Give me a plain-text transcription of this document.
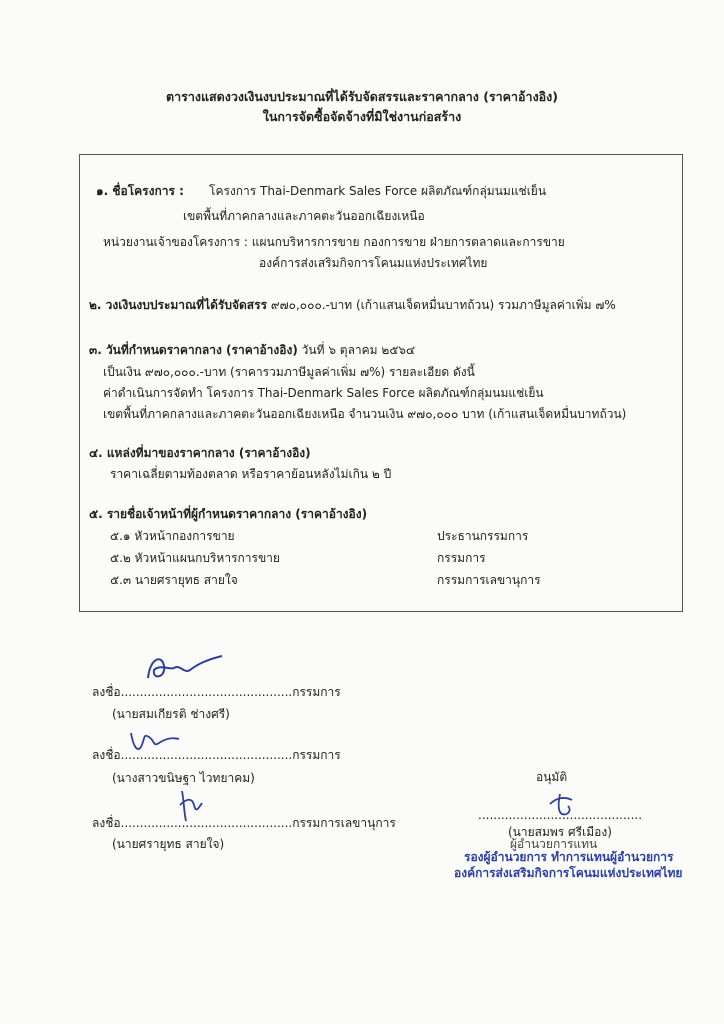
ตารางแสดงวงเงินงบประมาณที่ได้รับจัดสรรและราคากลาง (ราคาอ้างอิง)
ในการจัดซื้อจัดจ้างที่มิใช่งานก่อสร้าง
๑. ชื่อโครงการ : โครงการ Thai-Denmark Sales Force ผลิตภัณฑ์กลุ่มนมแช่เย็น
เขตพื้นที่ภาคกลางและภาคตะวันออกเฉียงเหนือ
หน่วยงานเจ้าของโครงการ : แผนกบริหารการขาย กองการขาย ฝ่ายการตลาดและการขาย
องค์การส่งเสริมกิจการโคนมแห่งประเทศไทย
๒. วงเงินงบประมาณที่ได้รับจัดสรร ๙๗๐,๐๐๐.-บาท (เก้าแสนเจ็ดหมื่นบาทถ้วน) รวมภาษีมูลค่าเพิ่ม ๗%
๓. วันที่กำหนดราคากลาง (ราคาอ้างอิง) วันที่ ๖ ตุลาคม ๒๕๖๔
เป็นเงิน ๙๗๐,๐๐๐.-บาท (ราคารวมภาษีมูลค่าเพิ่ม ๗%) รายละเอียด ดังนี้
ค่าดำเนินการจัดทำ โครงการ Thai-Denmark Sales Force ผลิตภัณฑ์กลุ่มนมแช่เย็น
เขตพื้นที่ภาคกลางและภาคตะวันออกเฉียงเหนือ จำนวนเงิน ๙๗๐,๐๐๐ บาท (เก้าแสนเจ็ดหมื่นบาทถ้วน)
๔. แหล่งที่มาของราคากลาง (ราคาอ้างอิง)
ราคาเฉลี่ยตามท้องตลาด หรือราคาย้อนหลังไม่เกิน ๒ ปี
๕. รายชื่อเจ้าหน้าที่ผู้กำหนดราคากลาง (ราคาอ้างอิง)
๕.๑ หัวหน้ากองการขาย	ประธานกรรมการ
๕.๒ หัวหน้าแผนกบริหารการขาย	กรรมการ
๕.๓ นายศรายุทธ สายใจ	กรรมการเลขานุการ
ลงชื่อ.............................................กรรมการ
(นายสมเกียรติ ช่างศรี)
ลงชื่อ.............................................กรรมการ
(นางสาวขนิษฐา ไวทยาคม)
ลงชื่อ.............................................กรรมการเลขานุการ
(นายศรายุทธ สายใจ)
อนุมัติ
...........................................
(นายสมพร ศรีเมือง)
ผู้อำนวยการแทน
รองผู้อำนวยการ ทำการแทนผู้อำนวยการ
องค์การส่งเสริมกิจการโคนมแห่งประเทศไทย
